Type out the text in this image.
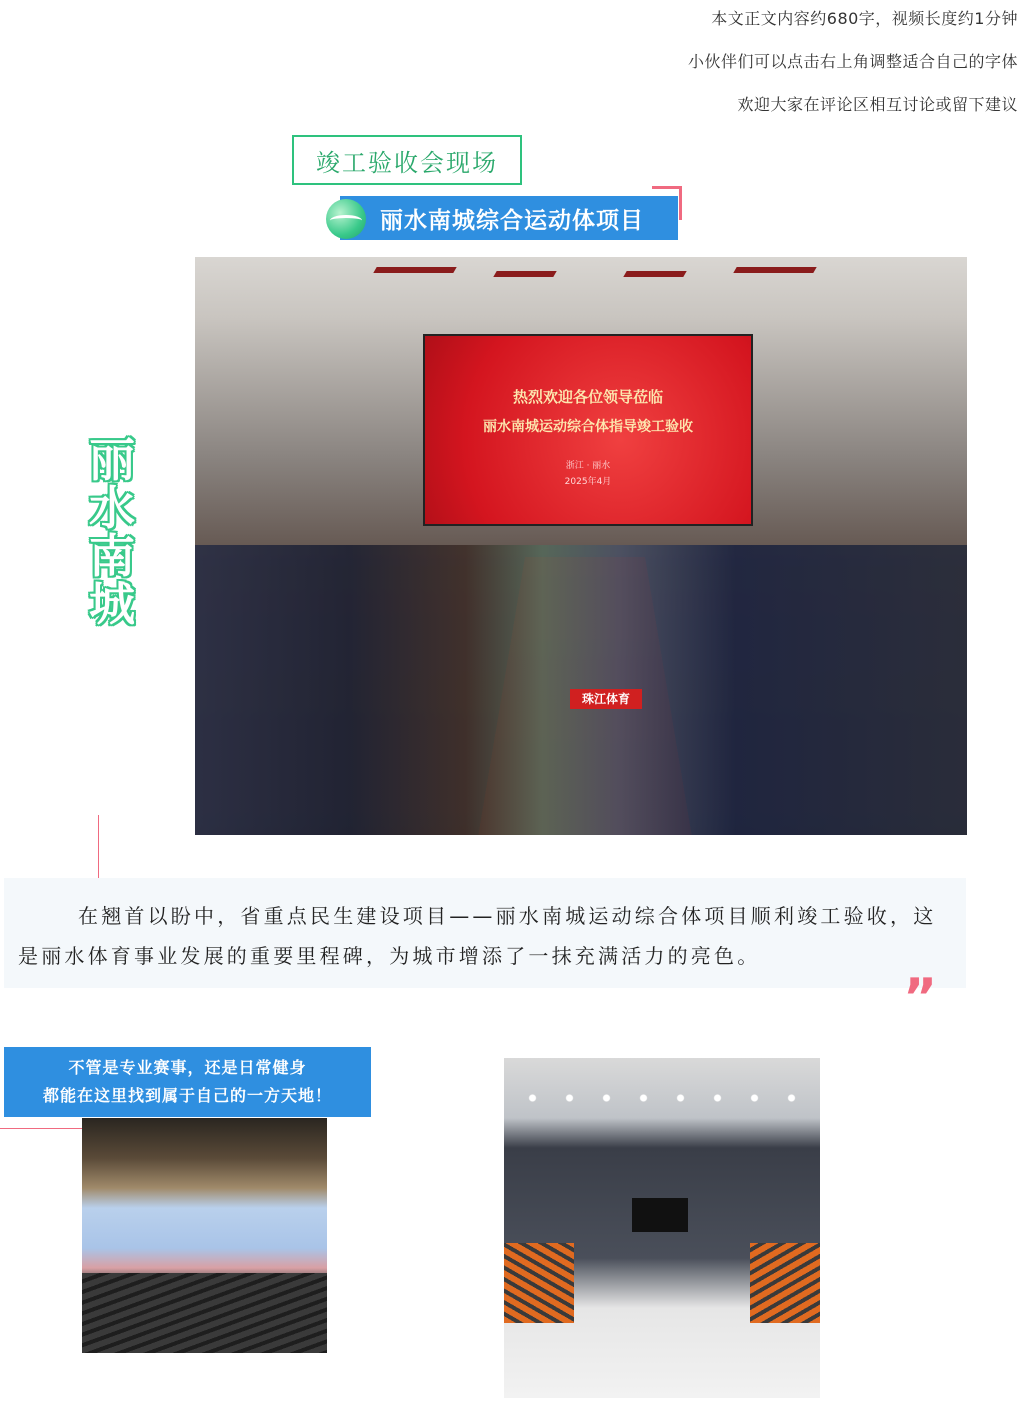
本文正文内容约680字，视频长度约1分钟
小伙伴们可以点击右上角调整适合自己的字体
欢迎大家在评论区相互讨论或留下建议
竣工验收会现场
丽水南城综合运动体项目
丽水南城
热烈欢迎各位领导莅临
丽水南城运动综合体指导竣工验收
浙江 · 丽水
2025年4月
珠江体育
在翘首以盼中，省重点民生建设项目——丽水南城运动综合体项目顺利竣工验收，这是丽水体育事业发展的重要里程碑，为城市增添了一抹充满活力的亮色。
”
不管是专业赛事，还是日常健身
都能在这里找到属于自己的一方天地！
